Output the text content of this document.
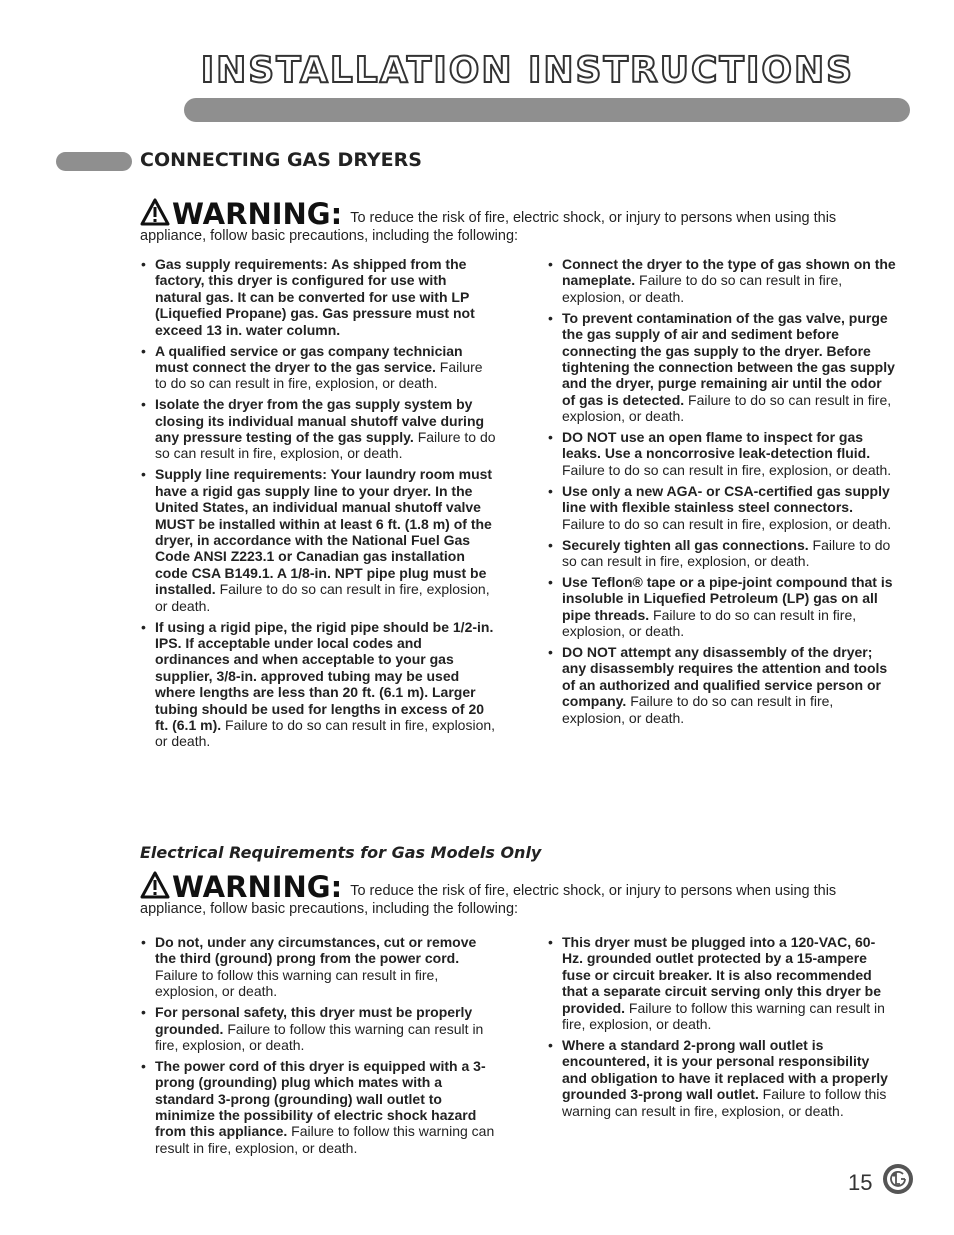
INSTALLATION INSTRUCTIONS
CONNECTING GAS DRYERS
WARNING: To reduce the risk of fire, electric shock, or injury to persons when using this appliance, follow basic precautions, including the following:
• Gas supply requirements: As shipped from the factory, this dryer is configured for use with natural gas. It can be converted for use with LP (Liquefied Propane) gas. Gas pressure must not exceed 13 in. water column.
• A qualified service or gas company technician must connect the dryer to the gas service. Failure to do so can result in fire, explosion, or death.
• Isolate the dryer from the gas supply system by closing its individual manual shutoff valve during any pressure testing of the gas supply. Failure to do so can result in fire, explosion, or death.
• Supply line requirements: Your laundry room must have a rigid gas supply line to your dryer. In the United States, an individual manual shutoff valve MUST be installed within at least 6 ft. (1.8 m) of the dryer, in accordance with the National Fuel Gas Code ANSI Z223.1 or Canadian gas installation code CSA B149.1. A 1/8-in. NPT pipe plug must be installed. Failure to do so can result in fire, explosion, or death.
• If using a rigid pipe, the rigid pipe should be 1/2-in. IPS. If acceptable under local codes and ordinances and when acceptable to your gas supplier, 3/8-in. approved tubing may be used where lengths are less than 20 ft. (6.1 m). Larger tubing should be used for lengths in excess of 20 ft. (6.1 m). Failure to do so can result in fire, explosion, or death.
• Connect the dryer to the type of gas shown on the nameplate. Failure to do so can result in fire, explosion, or death.
• To prevent contamination of the gas valve, purge the gas supply of air and sediment before connecting the gas supply to the dryer. Before tightening the connection between the gas supply and the dryer, purge remaining air until the odor of gas is detected. Failure to do so can result in fire, explosion, or death.
• DO NOT use an open flame to inspect for gas leaks. Use a noncorrosive leak-detection fluid. Failure to do so can result in fire, explosion, or death.
• Use only a new AGA- or CSA-certified gas supply line with flexible stainless steel connectors. Failure to do so can result in fire, explosion, or death.
• Securely tighten all gas connections. Failure to do so can result in fire, explosion, or death.
• Use Teflon® tape or a pipe-joint compound that is insoluble in Liquefied Petroleum (LP) gas on all pipe threads. Failure to do so can result in fire, explosion, or death.
• DO NOT attempt any disassembly of the dryer; any disassembly requires the attention and tools of an authorized and qualified service person or company. Failure to do so can result in fire, explosion, or death.
Electrical Requirements for Gas Models Only
WARNING: To reduce the risk of fire, electric shock, or injury to persons when using this appliance, follow basic precautions, including the following:
• Do not, under any circumstances, cut or remove the third (ground) prong from the power cord. Failure to follow this warning can result in fire, explosion, or death.
• For personal safety, this dryer must be properly grounded. Failure to follow this warning can result in fire, explosion, or death.
• The power cord of this dryer is equipped with a 3-prong (grounding) plug which mates with a standard 3-prong (grounding) wall outlet to minimize the possibility of electric shock hazard from this appliance. Failure to follow this warning can result in fire, explosion, or death.
• This dryer must be plugged into a 120-VAC, 60-Hz. grounded outlet protected by a 15-ampere fuse or circuit breaker. It is also recommended that a separate circuit serving only this dryer be provided. Failure to follow this warning can result in fire, explosion, or death.
• Where a standard 2-prong wall outlet is encountered, it is your personal responsibility and obligation to have it replaced with a properly grounded 3-prong wall outlet. Failure to follow this warning can result in fire, explosion, or death.
15
